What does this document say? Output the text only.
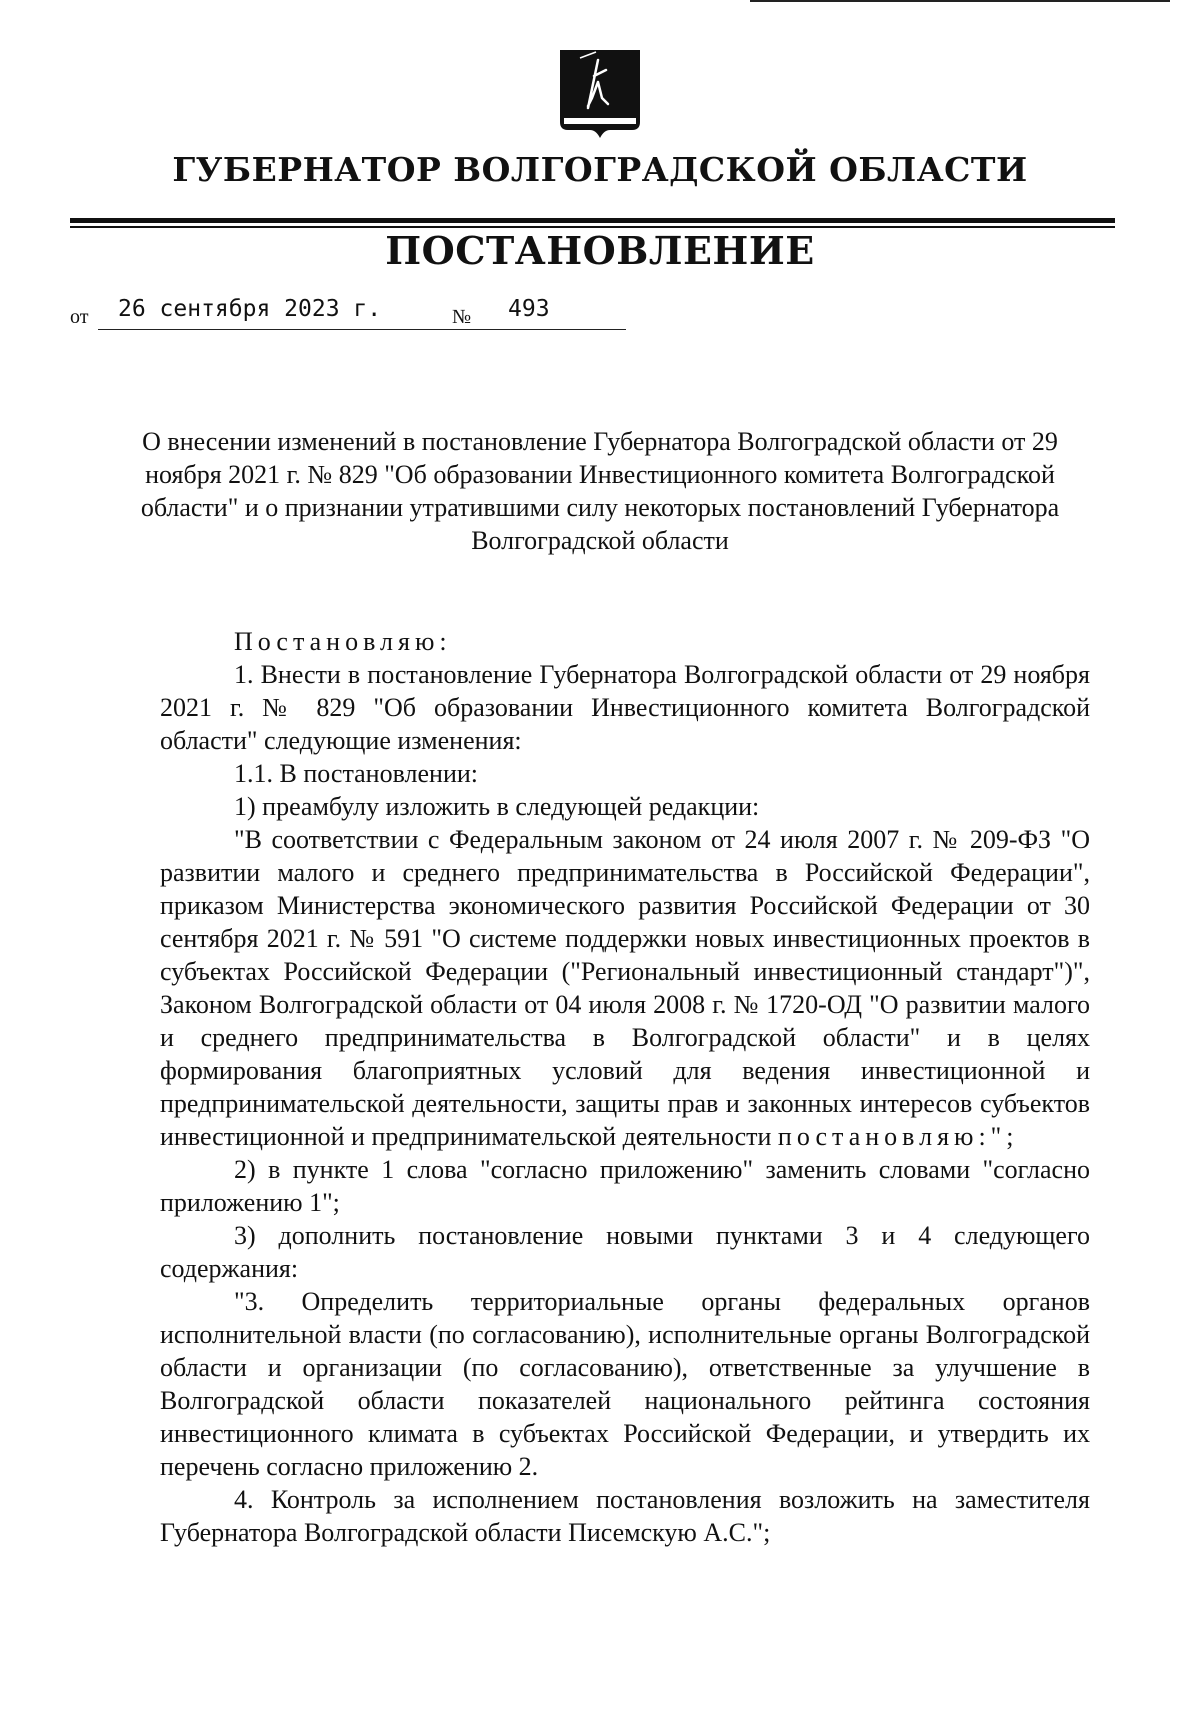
ГУБЕРНАТОР ВОЛГОГРАДСКОЙ ОБЛАСТИ
ПОСТАНОВЛЕНИЕ
от 26 сентября 2023 г.	№ 493
О внесении изменений в постановление Губернатора Волгоградской области от 29 ноября 2021 г. № 829 "Об образовании Инвестиционного комитета Волгоградской области" и о признании утратившими силу некоторых постановлений Губернатора Волгоградской области

Постановляю:

1. Внести в постановление Губернатора Волгоградской области от 29 ноября 2021 г. № 829 "Об образовании Инвестиционного комитета Волгоградской области" следующие изменения:

1.1. В постановлении:

1) преамбулу изложить в следующей редакции:

"В соответствии с Федеральным законом от 24 июля 2007 г. № 209-ФЗ "О развитии малого и среднего предпринимательства в Российской Федерации", приказом Министерства экономического развития Российской Федерации от 30 сентября 2021 г. № 591 "О системе поддержки новых инвестиционных проектов в субъектах Российской Федерации ("Региональный инвестиционный стандарт")", Законом Волгоградской области от 04 июля 2008 г. № 1720-ОД "О развитии малого и среднего предпринимательства в Волгоградской области" и в целях формирования благоприятных условий для ведения инвестиционной и предпринимательской деятельности, защиты прав и законных интересов субъектов инвестиционной и предпринимательской деятельности постановляю:";

2) в пункте 1 слова "согласно приложению" заменить словами "согласно приложению 1";

3) дополнить постановление новыми пунктами 3 и 4 следующего содержания:

"3. Определить территориальные органы федеральных органов исполнительной власти (по согласованию), исполнительные органы Волгоградской области и организации (по согласованию), ответственные за улучшение в Волгоградской области показателей национального рейтинга состояния инвестиционного климата в субъектах Российской Федерации, и утвердить их перечень согласно приложению 2.

4. Контроль за исполнением постановления возложить на заместителя Губернатора Волгоградской области Писемскую А.С.";
